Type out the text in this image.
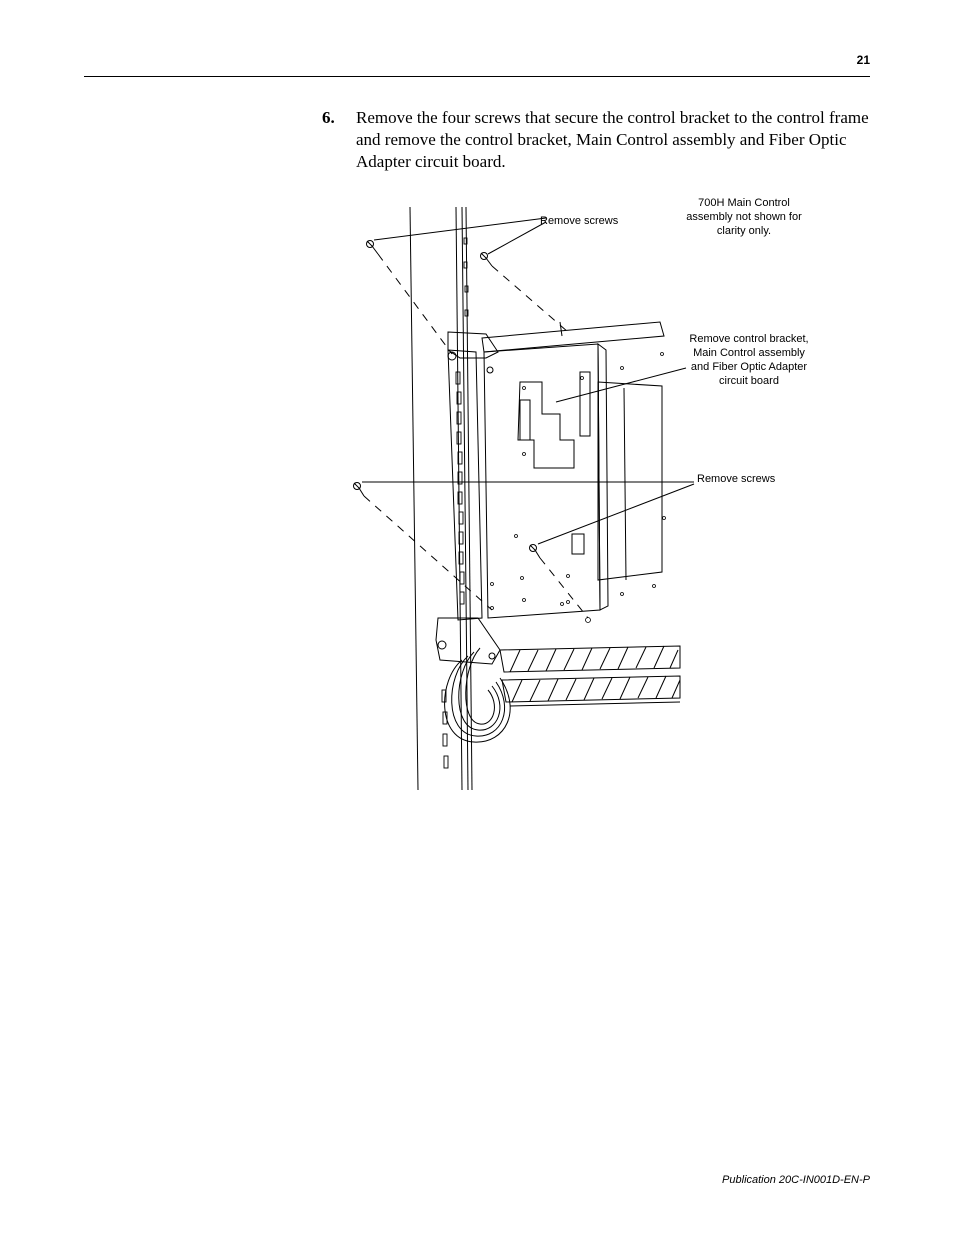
21
6. Remove the four screws that secure the control bracket to the control frame and remove the control bracket, Main Control assembly and Fiber Optic Adapter circuit board.
Remove screws
700H Main Control assembly not shown for clarity only.
Remove control bracket, Main Control assembly and Fiber Optic Adapter circuit board
Remove screws
Publication 20C-IN001D-EN-P
